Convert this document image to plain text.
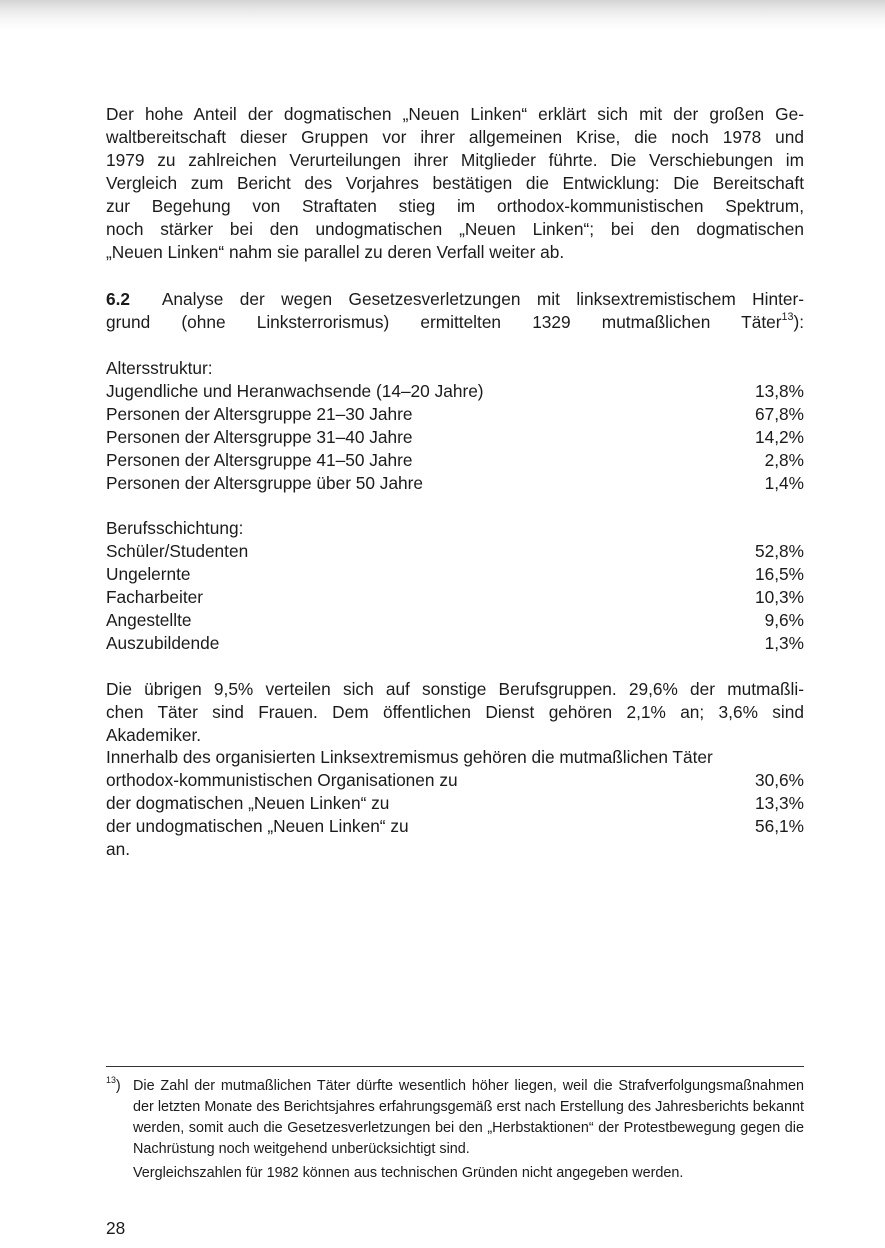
Der hohe Anteil der dogmatischen „Neuen Linken“ erklärt sich mit der großen Ge-
waltbereitschaft dieser Gruppen vor ihrer allgemeinen Krise, die noch 1978 und
1979 zu zahlreichen Verurteilungen ihrer Mitglieder führte. Die Verschiebungen im
Vergleich zum Bericht des Vorjahres bestätigen die Entwicklung: Die Bereitschaft
zur Begehung von Straftaten stieg im orthodox-kommunistischen Spektrum,
noch stärker bei den undogmatischen „Neuen Linken“; bei den dogmatischen
„Neuen Linken“ nahm sie parallel zu deren Verfall weiter ab.
6.2 Analyse der wegen Gesetzesverletzungen mit linksextremistischem Hinter-
grund (ohne Linksterrorismus) ermittelten 1329 mutmaßlichen Täter$^{13}$):
Altersstruktur:
Jugendliche und Heranwachsende (14–20 Jahre)	13,8%
Personen der Altersgruppe 21–30 Jahre	67,8%
Personen der Altersgruppe 31–40 Jahre	14,2%
Personen der Altersgruppe 41–50 Jahre	2,8%
Personen der Altersgruppe über 50 Jahre	1,4%
Berufsschichtung:
Schüler/Studenten	52,8%
Ungelernte	16,5%
Facharbeiter	10,3%
Angestellte	9,6%
Auszubildende	1,3%
Die übrigen 9,5% verteilen sich auf sonstige Berufsgruppen. 29,6% der mutmaßli-
chen Täter sind Frauen. Dem öffentlichen Dienst gehören 2,1% an; 3,6% sind
Akademiker.
Innerhalb des organisierten Linksextremismus gehören die mutmaßlichen Täter
orthodox-kommunistischen Organisationen zu	30,6%
der dogmatischen „Neuen Linken“ zu	13,3%
der undogmatischen „Neuen Linken“ zu	56,1%
an.
$^{13}$) Die Zahl der mutmaßlichen Täter dürfte wesentlich höher liegen, weil die Strafverfolgungsmaßnahmen der letzten Monate des Berichtsjahres erfahrungsgemäß erst nach Erstellung des Jahresberichts bekannt werden, somit auch die Gesetzesverletzungen bei den „Herbstaktionen“ der Protestbewegung gegen die Nachrüstung noch weitgehend unberücksichtigt sind.
Vergleichszahlen für 1982 können aus technischen Gründen nicht angegeben werden.
28
